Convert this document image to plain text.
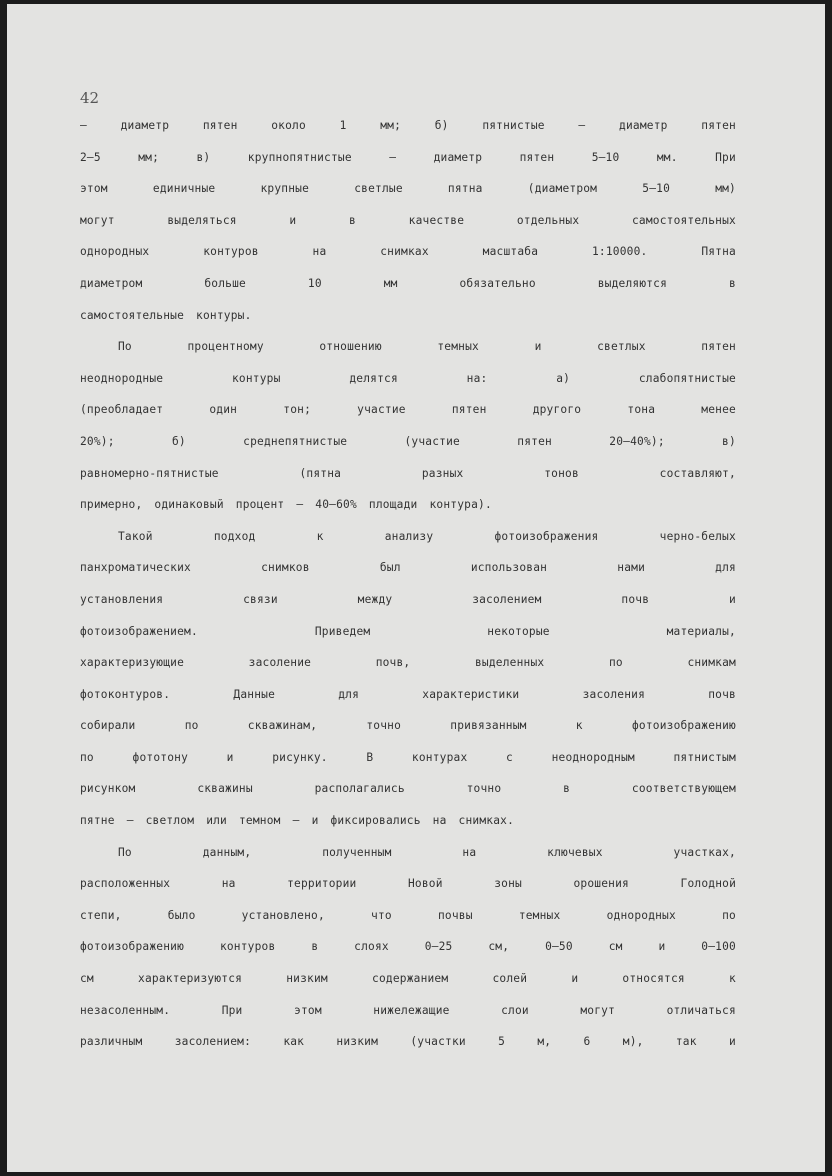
42
–	диаметр	пятен	около	1	мм;	б)	пятнистые	–	диаметр	пятен
2–5	мм;	в)	крупнопятнистые	–	диаметр	пятен	5–10	мм.	При
этом	единичные	крупные	светлые	пятна	(диаметром	5–10	мм)
могут	выделяться	и	в	качестве	отдельных	самостоятельных
однородных	контуров	на	снимках	масштаба	1:10000.	Пятна
диаметром	больше	10	мм	обязательно	выделяются	в
самостоятельные контуры.
По	процентному	отношению	темных	и	светлых	пятен
неоднородные	контуры	делятся	на:	а)	слабопятнистые
(преобладает	один	тон;	участие	пятен	другого	тона	менее
20%);	б)	среднепятнистые	(участие	пятен	20–40%);	в)
равномерно-пятнистые	(пятна	разных	тонов	составляют,
примерно, одинаковый процент – 40–60% площади контура).
Такой	подход	к	анализу	фотоизображения	черно-белых
панхроматических	снимков	был	использован	нами	для
установления	связи	между	засолением	почв	и
фотоизображением.	Приведем	некоторые	материалы,
характеризующие	засоление	почв,	выделенных	по	снимкам
фотоконтуров.	Данные	для	характеристики	засоления	почв
собирали	по	скважинам,	точно	привязанным	к	фотоизображению
по	фототону	и	рисунку.	В	контурах	с	неоднородным	пятнистым
рисунком	скважины	располагались	точно	в	соответствующем
пятне – светлом или темном – и фиксировались на снимках.
По	данным,	полученным	на	ключевых	участках,
расположенных	на	территории	Новой	зоны	орошения	Голодной
степи,	было	установлено,	что	почвы	темных	однородных	по
фотоизображению	контуров	в	слоях	0–25	см,	0–50	см	и	0–100
см	характеризуются	низким	содержанием	солей	и	относятся	к
незасоленным.	При	этом	нижележащие	слои	могут	отличаться
различным	засолением:	как	низким	(участки	5	м,	6	м),	так	и
